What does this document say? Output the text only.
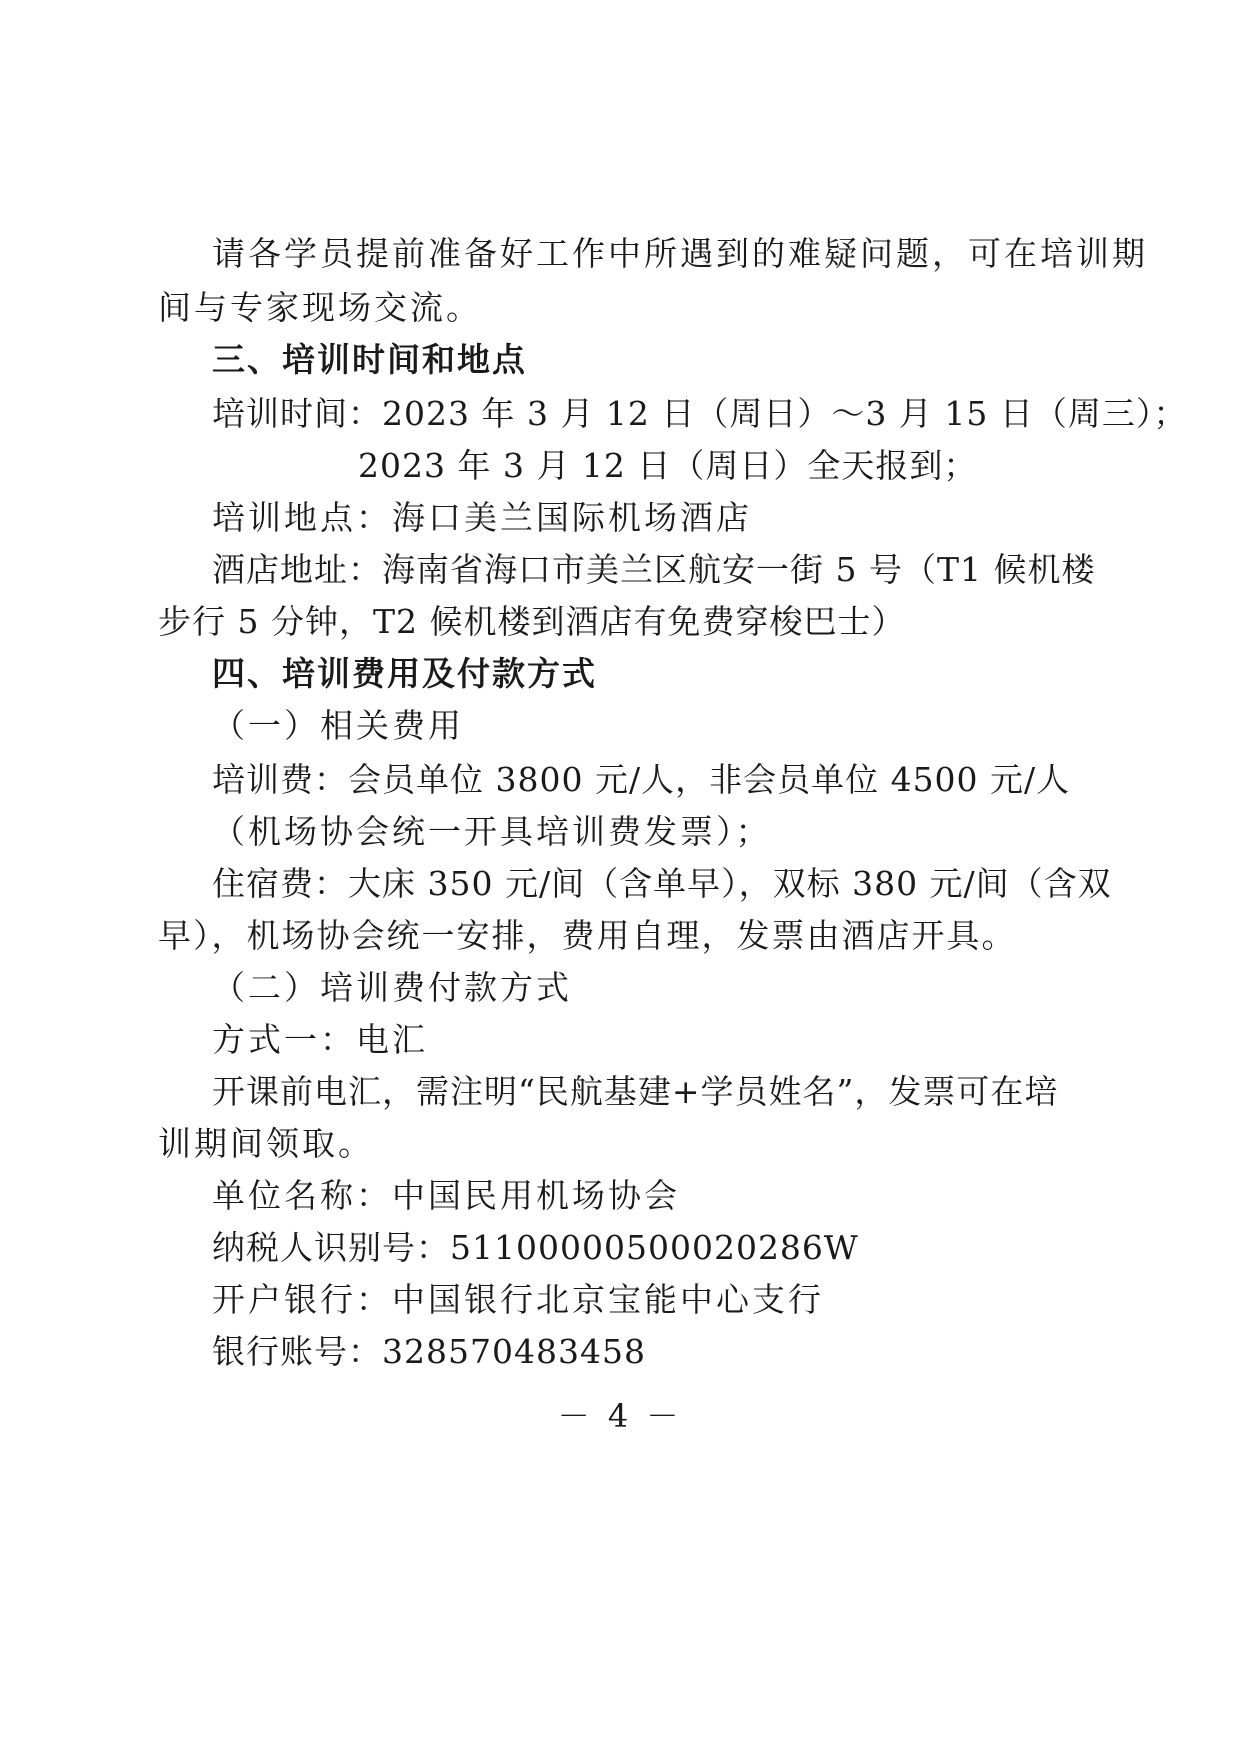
请各学员提前准备好工作中所遇到的难疑问题，可在培训期
间与专家现场交流。
三、培训时间和地点
培训时间：2023 年 3 月 12 日（周日）～3 月 15 日（周三）；
2023 年 3 月 12 日（周日）全天报到；
培训地点：海口美兰国际机场酒店
酒店地址：海南省海口市美兰区航安一街 5 号（T1 候机楼
步行 5 分钟，T2 候机楼到酒店有免费穿梭巴士）
四、培训费用及付款方式
（一）相关费用
培训费：会员单位 3800 元/人，非会员单位 4500 元/人
（机场协会统一开具培训费发票）；
住宿费：大床 350 元/间（含单早），双标 380 元/间（含双
早），机场协会统一安排，费用自理，发票由酒店开具。
（二）培训费付款方式
方式一：电汇
开课前电汇，需注明“民航基建+学员姓名”，发票可在培
训期间领取。
单位名称：中国民用机场协会
纳税人识别号：51100000500020286W
开户银行：中国银行北京宝能中心支行
银行账号：328570483458
－ 4 －
